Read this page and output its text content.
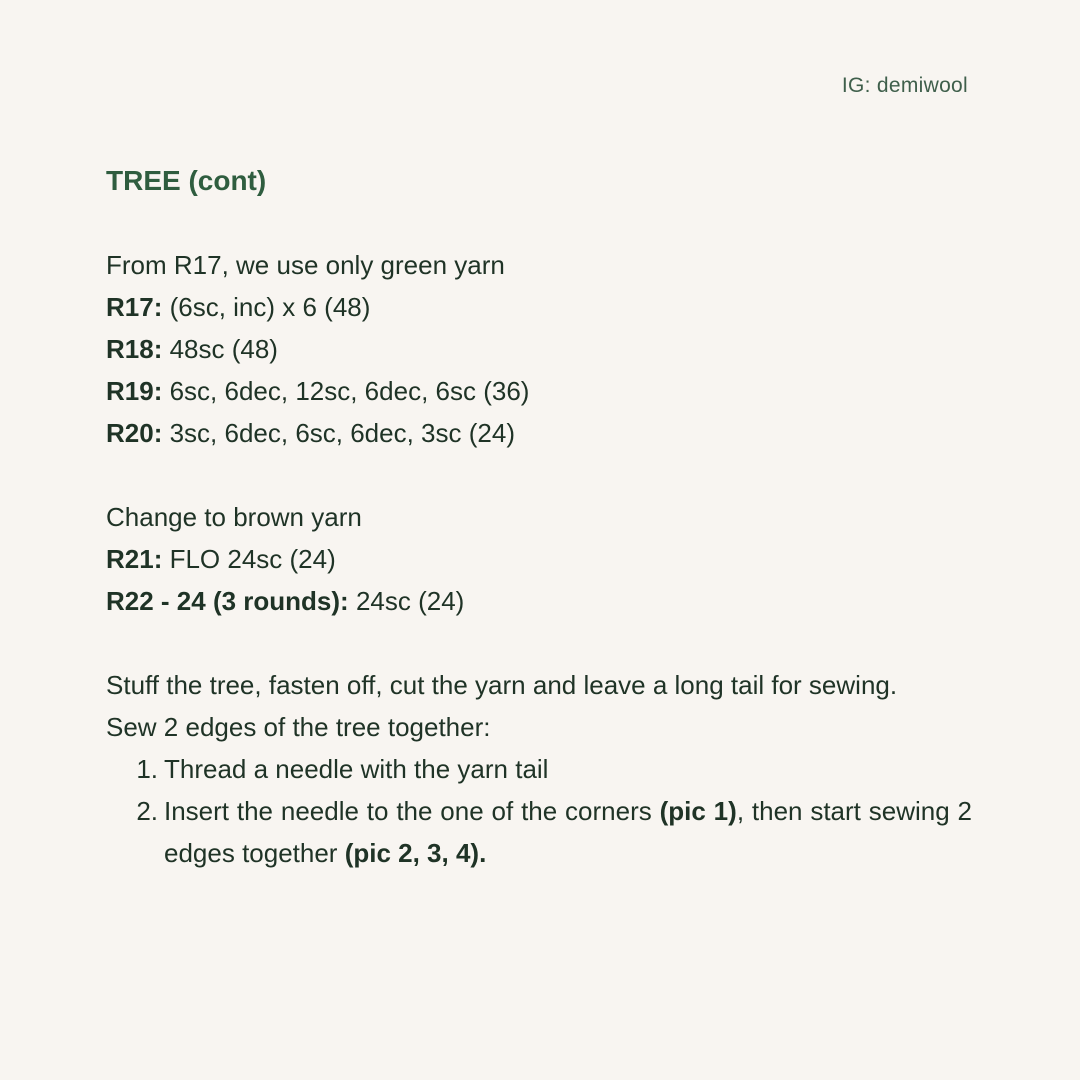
IG: demiwool
TREE (cont)
From R17, we use only green yarn
R17: (6sc, inc) x 6 (48)
R18: 48sc (48)
R19: 6sc, 6dec, 12sc, 6dec, 6sc (36)
R20: 3sc, 6dec, 6sc, 6dec, 3sc (24)
Change to brown yarn
R21: FLO 24sc (24)
R22 - 24 (3 rounds): 24sc (24)
Stuff the tree, fasten off, cut the yarn and leave a long tail for sewing.
Sew 2 edges of the tree together:
1. Thread a needle with the yarn tail
2. Insert the needle to the one of the corners (pic 1), then start sewing 2 edges together (pic 2, 3, 4).
